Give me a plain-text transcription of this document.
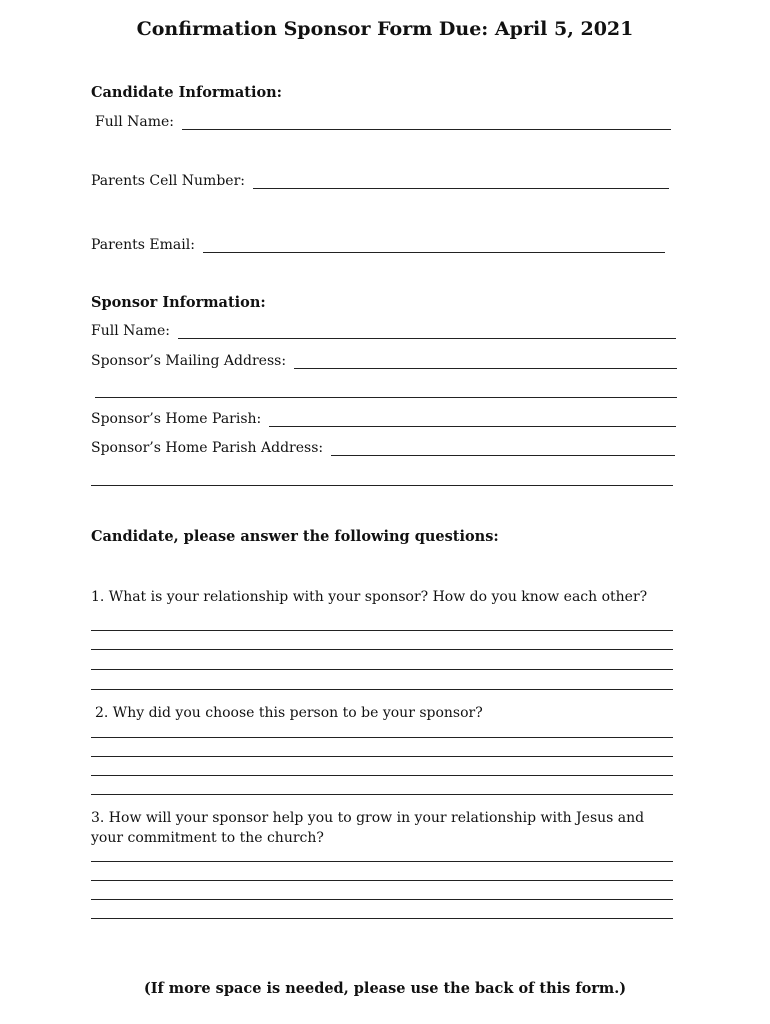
Confirmation Sponsor Form Due: April 5, 2021
Candidate Information:
Full Name:
Parents Cell Number:
Parents Email:
Sponsor Information:
Full Name:
Sponsor’s Mailing Address:
Sponsor’s Home Parish:
Sponsor’s Home Parish Address:
Candidate, please answer the following questions:
1. What is your relationship with your sponsor? How do you know each other?
2. Why did you choose this person to be your sponsor?
3. How will your sponsor help you to grow in your relationship with Jesus and your commitment to the church?
(If more space is needed, please use the back of this form.)
